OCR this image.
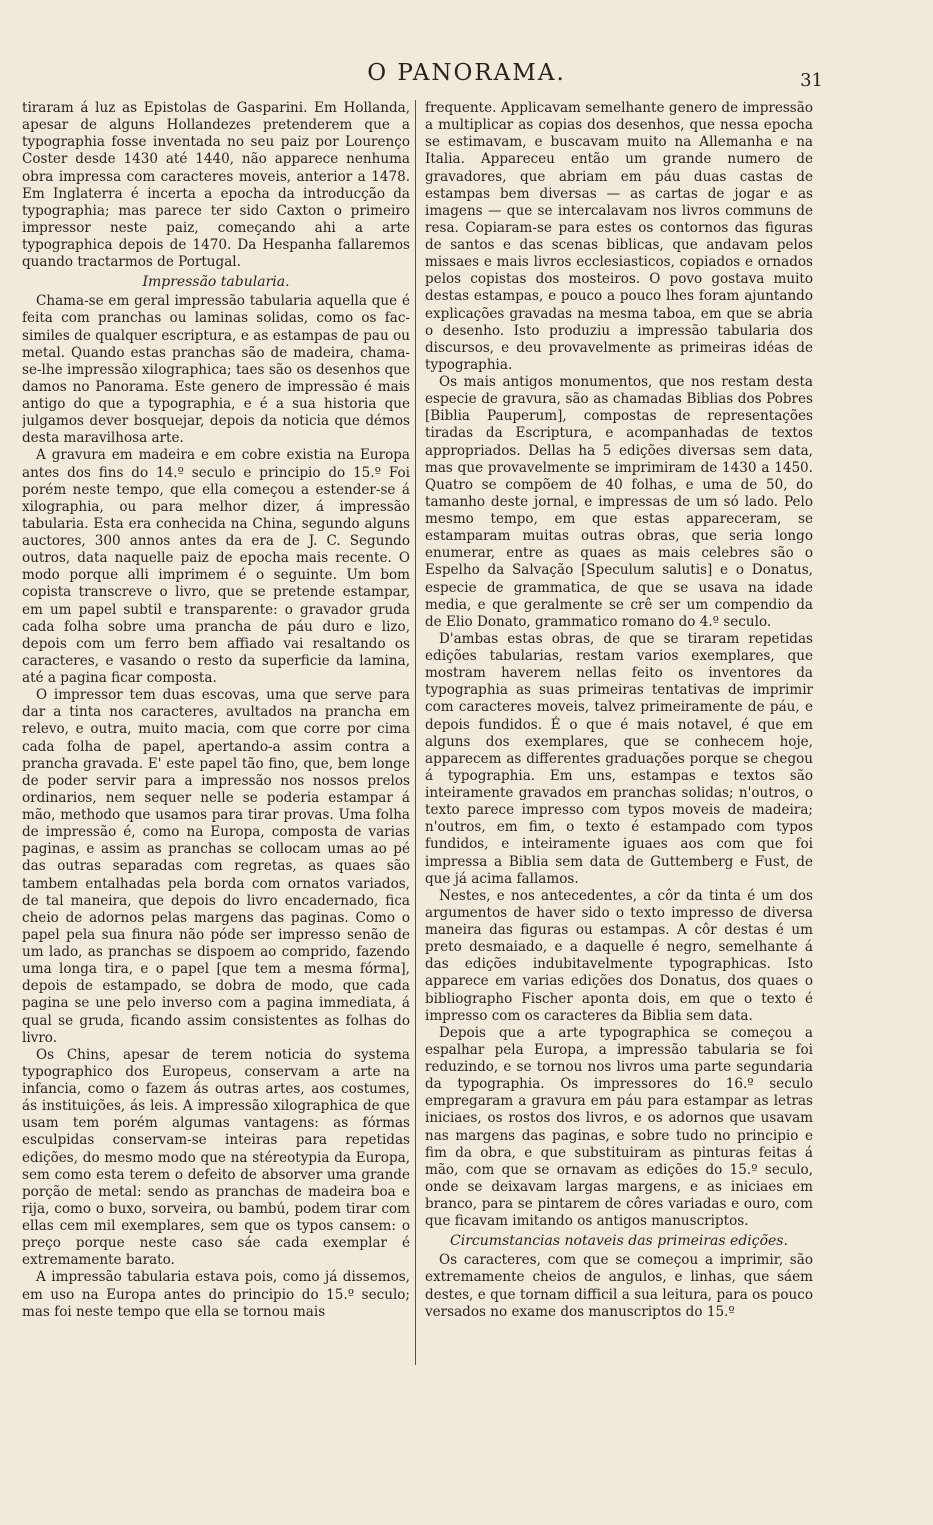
O PANORAMA.	31

tiraram á luz as Epistolas de Gasparini. Em Hollanda, apesar de alguns Hollandezes pretenderem que a typographia fosse inventada no seu paiz por Lourenço Coster desde 1430 até 1440, não apparece nenhuma obra impressa com caracteres moveis, anterior a 1478. Em Inglaterra é incerta a epocha da introducção da typographia; mas parece ter sido Caxton o primeiro impressor neste paiz, começando ahi a arte typographica depois de 1470. Da Hespanha fallaremos quando tractarmos de Portugal.

Impressão tabularia.

Chama-se em geral impressão tabularia aquella que é feita com pranchas ou laminas solidas, como os fac-similes de qualquer escriptura, e as estampas de pau ou metal. Quando estas pranchas são de madeira, chama-se-lhe impressão xilographica; taes são os desenhos que damos no Panorama. Este genero de impressão é mais antigo do que a typographia, e é a sua historia que julgamos dever bosquejar, depois da noticia que démos desta maravilhosa arte.

A gravura em madeira e em cobre existia na Europa antes dos fins do 14.º seculo e principio do 15.º Foi porém neste tempo, que ella começou a estender-se á xilographia, ou para melhor dizer, á impressão tabularia. Esta era conhecida na China, segundo alguns auctores, 300 annos antes da era de J. C. Segundo outros, data naquelle paiz de epocha mais recente. O modo porque alli imprimem é o seguinte. Um bom copista transcreve o livro, que se pretende estampar, em um papel subtil e transparente: o gravador gruda cada folha sobre uma prancha de páu duro e lizo, depois com um ferro bem affiado vai resaltando os caracteres, e vasando o resto da superficie da lamina, até a pagina ficar composta.

O impressor tem duas escovas, uma que serve para dar a tinta nos caracteres, avultados na prancha em relevo, e outra, muito macia, com que corre por cima cada folha de papel, apertando-a assim contra a prancha gravada. E' este papel tão fino, que, bem longe de poder servir para a impressão nos nossos prelos ordinarios, nem sequer nelle se poderia estampar á mão, methodo que usamos para tirar provas. Uma folha de impressão é, como na Europa, composta de varias paginas, e assim as pranchas se collocam umas ao pé das outras separadas com regretas, as quaes são tambem entalhadas pela borda com ornatos variados, de tal maneira, que depois do livro encadernado, fica cheio de adornos pelas margens das paginas. Como o papel pela sua finura não póde ser impresso senão de um lado, as pranchas se dispoem ao comprido, fazendo uma longa tira, e o papel [que tem a mesma fórma], depois de estampado, se dobra de modo, que cada pagina se une pelo inverso com a pagina immediata, á qual se gruda, ficando assim consistentes as folhas do livro.

Os Chins, apesar de terem noticia do systema typographico dos Europeus, conservam a arte na infancia, como o fazem ás outras artes, aos costumes, ás instituições, ás leis. A impressão xilographica de que usam tem porém algumas vantagens: as fórmas esculpidas conservam-se inteiras para repetidas edições, do mesmo modo que na stéreotypia da Europa, sem como esta terem o defeito de absorver uma grande porção de metal: sendo as pranchas de madeira boa e rija, como o buxo, sorveira, ou bambú, podem tirar com ellas cem mil exemplares, sem que os typos cansem: o preço porque neste caso sáe cada exemplar é extremamente barato.

A impressão tabularia estava pois, como já dissemos, em uso na Europa antes do principio do 15.º seculo; mas foi neste tempo que ella se tornou mais

frequente. Applicavam semelhante genero de impressão a multiplicar as copias dos desenhos, que nessa epocha se estimavam, e buscavam muito na Allemanha e na Italia. Appareceu então um grande numero de gravadores, que abriam em páu duas castas de estampas bem diversas — as cartas de jogar e as imagens — que se intercalavam nos livros communs de resa. Copiaram-se para estes os contornos das figuras de santos e das scenas biblicas, que andavam pelos missaes e mais livros ecclesiasticos, copiados e ornados pelos copistas dos mosteiros. O povo gostava muito destas estampas, e pouco a pouco lhes foram ajuntando explicações gravadas na mesma taboa, em que se abria o desenho. Isto produziu a impressão tabularia dos discursos, e deu provavelmente as primeiras idéas de typographia.

Os mais antigos monumentos, que nos restam desta especie de gravura, são as chamadas Biblias dos Pobres [Biblia Pauperum], compostas de representações tiradas da Escriptura, e acompanhadas de textos appropriados. Dellas ha 5 edições diversas sem data, mas que provavelmente se imprimiram de 1430 a 1450. Quatro se compõem de 40 folhas, e uma de 50, do tamanho deste jornal, e impressas de um só lado. Pelo mesmo tempo, em que estas appareceram, se estamparam muitas outras obras, que seria longo enumerar, entre as quaes as mais celebres são o Espelho da Salvação [Speculum salutis] e o Donatus, especie de grammatica, de que se usava na idade media, e que geralmente se crê ser um compendio da de Elio Donato, grammatico romano do 4.º seculo.

D'ambas estas obras, de que se tiraram repetidas edições tabularias, restam varios exemplares, que mostram haverem nellas feito os inventores da typographia as suas primeiras tentativas de imprimir com caracteres moveis, talvez primeiramente de páu, e depois fundidos. É o que é mais notavel, é que em alguns dos exemplares, que se conhecem hoje, apparecem as differentes graduações porque se chegou á typographia. Em uns, estampas e textos são inteiramente gravados em pranchas solidas; n'outros, o texto parece impresso com typos moveis de madeira; n'outros, em fim, o texto é estampado com typos fundidos, e inteiramente iguaes aos com que foi impressa a Biblia sem data de Guttemberg e Fust, de que já acima fallamos.

Nestes, e nos antecedentes, a côr da tinta é um dos argumentos de haver sido o texto impresso de diversa maneira das figuras ou estampas. A côr destas é um preto desmaiado, e a daquelle é negro, semelhante á das edições indubitavelmente typographicas. Isto apparece em varias edições dos Donatus, dos quaes o bibliographo Fischer aponta dois, em que o texto é impresso com os caracteres da Biblia sem data.

Depois que a arte typographica se começou a espalhar pela Europa, a impressão tabularia se foi reduzindo, e se tornou nos livros uma parte segundaria da typographia. Os impressores do 16.º seculo empregaram a gravura em páu para estampar as letras iniciaes, os rostos dos livros, e os adornos que usavam nas margens das paginas, e sobre tudo no principio e fim da obra, e que substituiram as pinturas feitas á mão, com que se ornavam as edições do 15.º seculo, onde se deixavam largas margens, e as iniciaes em branco, para se pintarem de côres variadas e ouro, com que ficavam imitando os antigos manuscriptos.

Circumstancias notaveis das primeiras edições.

Os caracteres, com que se começou a imprimir, são extremamente cheios de angulos, e linhas, que sáem destes, e que tornam difficil a sua leitura, para os pouco versados no exame dos manuscriptos do 15.º
